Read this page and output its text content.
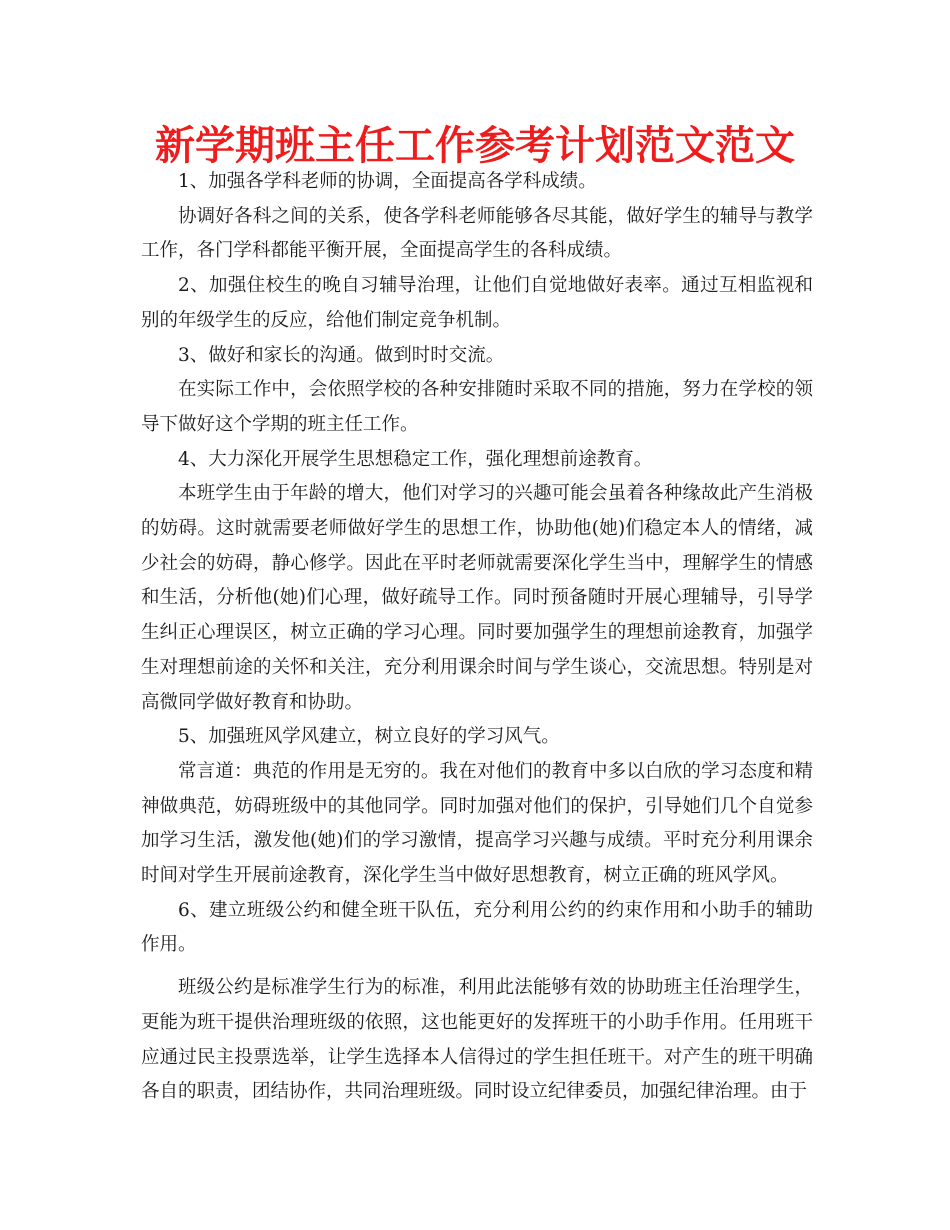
新学期班主任工作参考计划范文范文

1、加强各学科老师的协调，全面提高各学科成绩。

协调好各科之间的关系，使各学科老师能够各尽其能，做好学生的辅导与教学工作，各门学科都能平衡开展，全面提高学生的各科成绩。

2、加强住校生的晚自习辅导治理，让他们自觉地做好表率。通过互相监视和别的年级学生的反应，给他们制定竞争机制。

3、做好和家长的沟通。做到时时交流。

在实际工作中，会依照学校的各种安排随时采取不同的措施，努力在学校的领导下做好这个学期的班主任工作。

4、大力深化开展学生思想稳定工作，强化理想前途教育。

本班学生由于年龄的增大，他们对学习的兴趣可能会虽着各种缘故此产生消极的妨碍。这时就需要老师做好学生的思想工作，协助他(她)们稳定本人的情绪，减少社会的妨碍，静心修学。因此在平时老师就需要深化学生当中，理解学生的情感和生活，分析他(她)们心理，做好疏导工作。同时预备随时开展心理辅导，引导学生纠正心理误区，树立正确的学习心理。同时要加强学生的理想前途教育，加强学生对理想前途的关怀和关注，充分利用课余时间与学生谈心，交流思想。特别是对高微同学做好教育和协助。

5、加强班风学风建立，树立良好的学习风气。

常言道：典范的作用是无穷的。我在对他们的教育中多以白欣的学习态度和精神做典范，妨碍班级中的其他同学。同时加强对他们的保护，引导她们几个自觉参加学习生活，激发他(她)们的学习激情，提高学习兴趣与成绩。平时充分利用课余时间对学生开展前途教育，深化学生当中做好思想教育，树立正确的班风学风。

6、建立班级公约和健全班干队伍，充分利用公约的约束作用和小助手的辅助作用。

班级公约是标准学生行为的标准，利用此法能够有效的协助班主任治理学生，更能为班干提供治理班级的依照，这也能更好的发挥班干的小助手作用。任用班干应通过民主投票选举，让学生选择本人信得过的学生担任班干。对产生的班干明确各自的职责，团结协作，共同治理班级。同时设立纪律委员，加强纪律治理。由于
